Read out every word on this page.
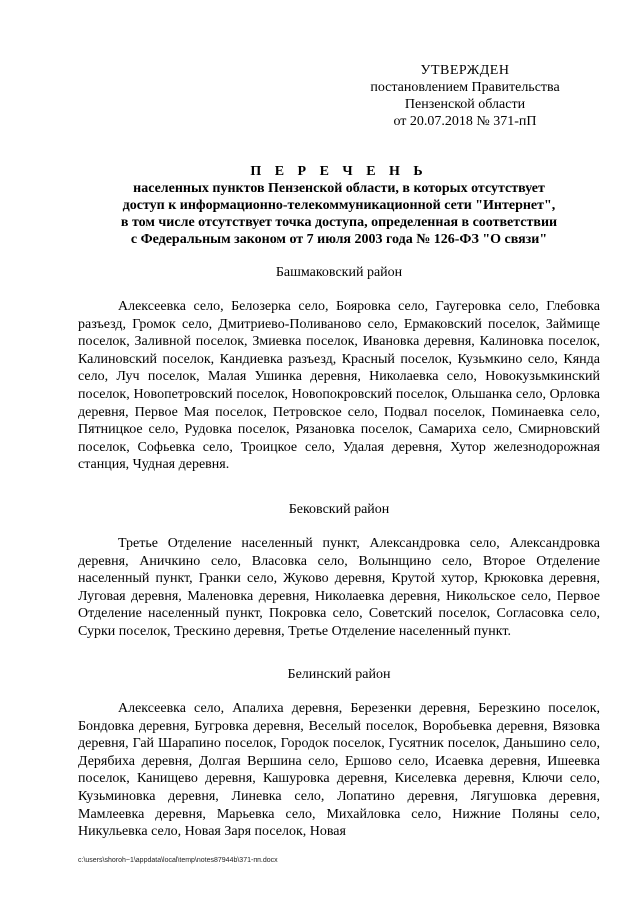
УТВЕРЖДЕН
постановлением Правительства
Пензенской области
от 20.07.2018 № 371-пП
П Е Р Е Ч Е Н Ь
населенных пунктов Пензенской области, в которых отсутствует
доступ к информационно-телекоммуникационной сети "Интернет",
в том числе отсутствует точка доступа, определенная в соответствии
с Федеральным законом от 7 июля 2003 года № 126-ФЗ "О связи"
Башмаковский район

Алексеевка село, Белозерка село, Бояровка село, Гаугеровка село, Глебовка разъезд, Громок село, Дмитриево-Поливаново село, Ермаковский поселок, Займище поселок, Заливной поселок, Змиевка поселок, Ивановка деревня, Калиновка поселок, Калиновский поселок, Кандиевка разъезд, Красный поселок, Кузьмкино село, Кянда село, Луч поселок, Малая Ушинка деревня, Николаевка село, Новокузьмкинский поселок, Новопетровский поселок, Новопокровский поселок, Ольшанка село, Орловка деревня, Первое Мая поселок, Петровское село, Подвал поселок, Поминаевка село, Пятницкое село, Рудовка поселок, Рязановка поселок, Самариха село, Смирновский поселок, Софьевка село, Троицкое село, Удалая деревня, Хутор железнодорожная станция, Чудная деревня.

Бековский район

Третье Отделение населенный пункт, Александровка село, Александровка деревня, Аничкино село, Власовка село, Волынщино село, Второе Отделение населенный пункт, Гранки село, Жуково деревня, Крутой хутор, Крюковка деревня, Луговая деревня, Маленовка деревня, Николаевка деревня, Никольское село, Первое Отделение населенный пункт, Покровка село, Советский поселок, Согласовка село, Сурки поселок, Трескино деревня, Третье Отделение населенный пункт.

Белинский район

Алексеевка село, Апалиха деревня, Березенки деревня, Березкино поселок, Бондовка деревня, Бугровка деревня, Веселый поселок, Воробьевка деревня, Вязовка деревня, Гай Шарапино поселок, Городок поселок, Гусятник поселок, Даньшино село, Дерябиха деревня, Долгая Вершина село, Ершово село, Исаевка деревня, Ишеевка поселок, Канищево деревня, Кашуровка деревня, Киселевка деревня, Ключи село, Кузьминовка деревня, Линевка село, Лопатино деревня, Лягушовка деревня, Мамлеевка деревня, Марьевка село, Михайловка село, Нижние Поляны село, Никульевка село, Новая Заря поселок, Новая

c:\users\shoroh~1\appdata\local\temp\notes87944b\371-пп.docx
